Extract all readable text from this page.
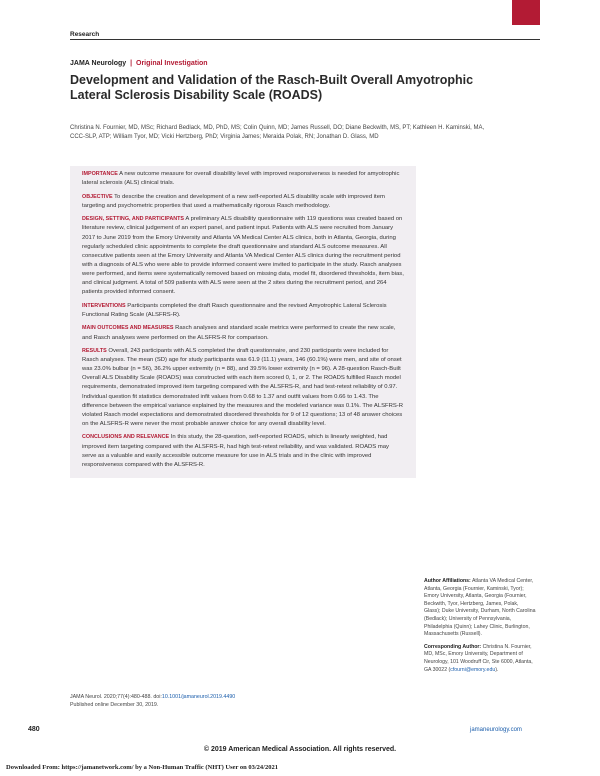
Research
JAMA Neurology | Original Investigation
Development and Validation of the Rasch-Built Overall Amyotrophic Lateral Sclerosis Disability Scale (ROADS)
Christina N. Fournier, MD, MSc; Richard Bedlack, MD, PhD, MS; Colin Quinn, MD; James Russell, DO; Diane Beckwith, MS, PT; Kathleen H. Kaminski, MA, CCC-SLP, ATP; William Tyor, MD; Vicki Hertzberg, PhD; Virginia James; Meraida Polak, RN; Jonathan D. Glass, MD

IMPORTANCE A new outcome measure for overall disability level with improved responsiveness is needed for amyotrophic lateral sclerosis (ALS) clinical trials.

OBJECTIVE To describe the creation and development of a new self-reported ALS disability scale with improved item targeting and psychometric properties that used a mathematically rigorous Rasch methodology.

DESIGN, SETTING, AND PARTICIPANTS A preliminary ALS disability questionnaire with 119 questions was created based on literature review, clinical judgement of an expert panel, and patient input. Patients with ALS were recruited from January 2017 to June 2019 from the Emory University and Atlanta VA Medical Center ALS clinics, both in Atlanta, Georgia, during regularly scheduled clinic appointments to complete the draft questionnaire and standard ALS outcome measures. All consecutive patients seen at the Emory University and Atlanta VA Medical Center ALS clinics during the recruitment period with a diagnosis of ALS who were able to provide informed consent were invited to participate in the study. Rasch analyses were performed, and items were systematically removed based on missing data, model fit, disordered thresholds, item bias, and clinical judgment. A total of 509 patients with ALS were seen at the 2 sites during the recruitment period, and 264 patients provided informed consent.

INTERVENTIONS Participants completed the draft Rasch questionnaire and the revised Amyotrophic Lateral Sclerosis Functional Rating Scale (ALSFRS-R).

MAIN OUTCOMES AND MEASURES Rasch analyses and standard scale metrics were performed to create the new scale, and Rasch analyses were performed on the ALSFRS-R for comparison.

RESULTS Overall, 243 participants with ALS completed the draft questionnaire, and 230 participants were included for Rasch analyses. The mean (SD) age for study participants was 61.9 (11.1) years, 146 (60.1%) were men, and site of onset was 23.0% bulbar (n = 56), 36.2% upper extremity (n = 88), and 39.5% lower extremity (n = 96). A 28-question Rasch-Built Overall ALS Disability Scale (ROADS) was constructed with each item scored 0, 1, or 2. The ROADS fulfilled Rasch model requirements, demonstrated improved item targeting compared with the ALSFRS-R, and had test-retest reliability of 0.97. Individual question fit statistics demonstrated infit values from 0.68 to 1.37 and outfit values from 0.66 to 1.43. The difference between the empirical variance explained by the measures and the modeled variance was 0.1%. The ALSFRS-R violated Rasch model expectations and demonstrated disordered thresholds for 9 of 12 questions; 13 of 48 answer choices on the ALSFRS-R were never the most probable answer choice for any overall disability level.

CONCLUSIONS AND RELEVANCE In this study, the 28-question, self-reported ROADS, which is linearly weighted, had improved item targeting compared with the ALSFRS-R, had high test-retest reliability, and was validated. ROADS may serve as a valuable and easily accessible outcome measure for use in ALS trials and in the clinic with improved responsiveness compared with the ALSFRS-R.

Author Affiliations: Atlanta VA Medical Center, Atlanta, Georgia (Fournier, Kaminski, Tyor); Emory University, Atlanta, Georgia (Fournier, Beckwith, Tyor, Hertzberg, James, Polak, Glass); Duke University, Durham, North Carolina (Bedlack); University of Pennsylvania, Philadelphia (Quinn); Lahey Clinic, Burlington, Massachusetts (Russell).

Corresponding Author: Christina N. Fournier, MD, MSc, Emory University, Department of Neurology, 101 Woodruff Cir, Ste 6000, Atlanta, GA 30022 (cfourni@emory.edu).

JAMA Neurol. 2020;77(4):480-488. doi:10.1001/jamaneurol.2019.4490
Published online December 30, 2019.
480	jamaneurology.com
© 2019 American Medical Association. All rights reserved.
Downloaded From: https://jamanetwork.com/ by a Non-Human Traffic (NHT) User on 03/24/2021
